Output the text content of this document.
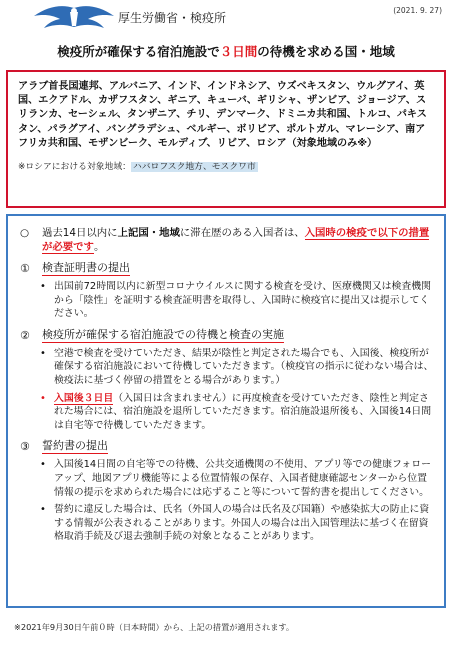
厚生労働省・検疫所
(2021. 9. 27)
検疫所が確保する宿泊施設で３日間の待機を求める国・地域
アラブ首長国連邦、アルバニア、インド、インドネシア、ウズベキスタン、ウルグアイ、英国、エクアドル、カザフスタン、ギニア、キューバ、ギリシャ、ザンビア、ジョージア、スリランカ、セーシェル、タンザニア、チリ、デンマーク、ドミニカ共和国、トルコ、パキスタン、パラグアイ、バングラデシュ、ベルギー、ボリビア、ポルトガル、マレーシア、南アフリカ共和国、モザンビーク、モルディブ、リビア、ロシア（対象地域のみ※）
※ロシアにおける対象地域： ハバロフスク地方、モスクワ市
○	過去14日以内に上記国・地域に滞在歴のある入国者は、入国時の検疫で以下の措置が必要です。
①	検査証明書の提出
• 出国前72時間以内に新型コロナウイルスに関する検査を受け、医療機関又は検査機関から「陰性」を証明する検査証明書を取得し、入国時に検疫官に提出又は提示してください。
②	検疫所が確保する宿泊施設での待機と検査の実施
• 空港で検査を受けていただき、結果が陰性と判定された場合でも、入国後、検疫所が確保する宿泊施設において待機していただきます。（検疫官の指示に従わない場合は、検疫法に基づく停留の措置をとる場合があります。）
• 入国後３日目（入国日は含まれません）に再度検査を受けていただき、陰性と判定された場合には、宿泊施設を退所していただきます。宿泊施設退所後も、入国後14日間は自宅等で待機していただきます。
③	誓約書の提出
• 入国後14日間の自宅等での待機、公共交通機関の不使用、アプリ等での健康フォローアップ、地図アプリ機能等による位置情報の保存、入国者健康確認センターから位置情報の提示を求められた場合には応ずること等について誓約書を提出してください。
• 誓約に違反した場合は、氏名（外国人の場合は氏名及び国籍）や感染拡大の防止に資する情報が公表されることがあります。外国人の場合は出入国管理法に基づく在留資格取消手続及び退去強制手続の対象となることがあります。
※2021年9月30日午前０時（日本時間）から、上記の措置が適用されます。
